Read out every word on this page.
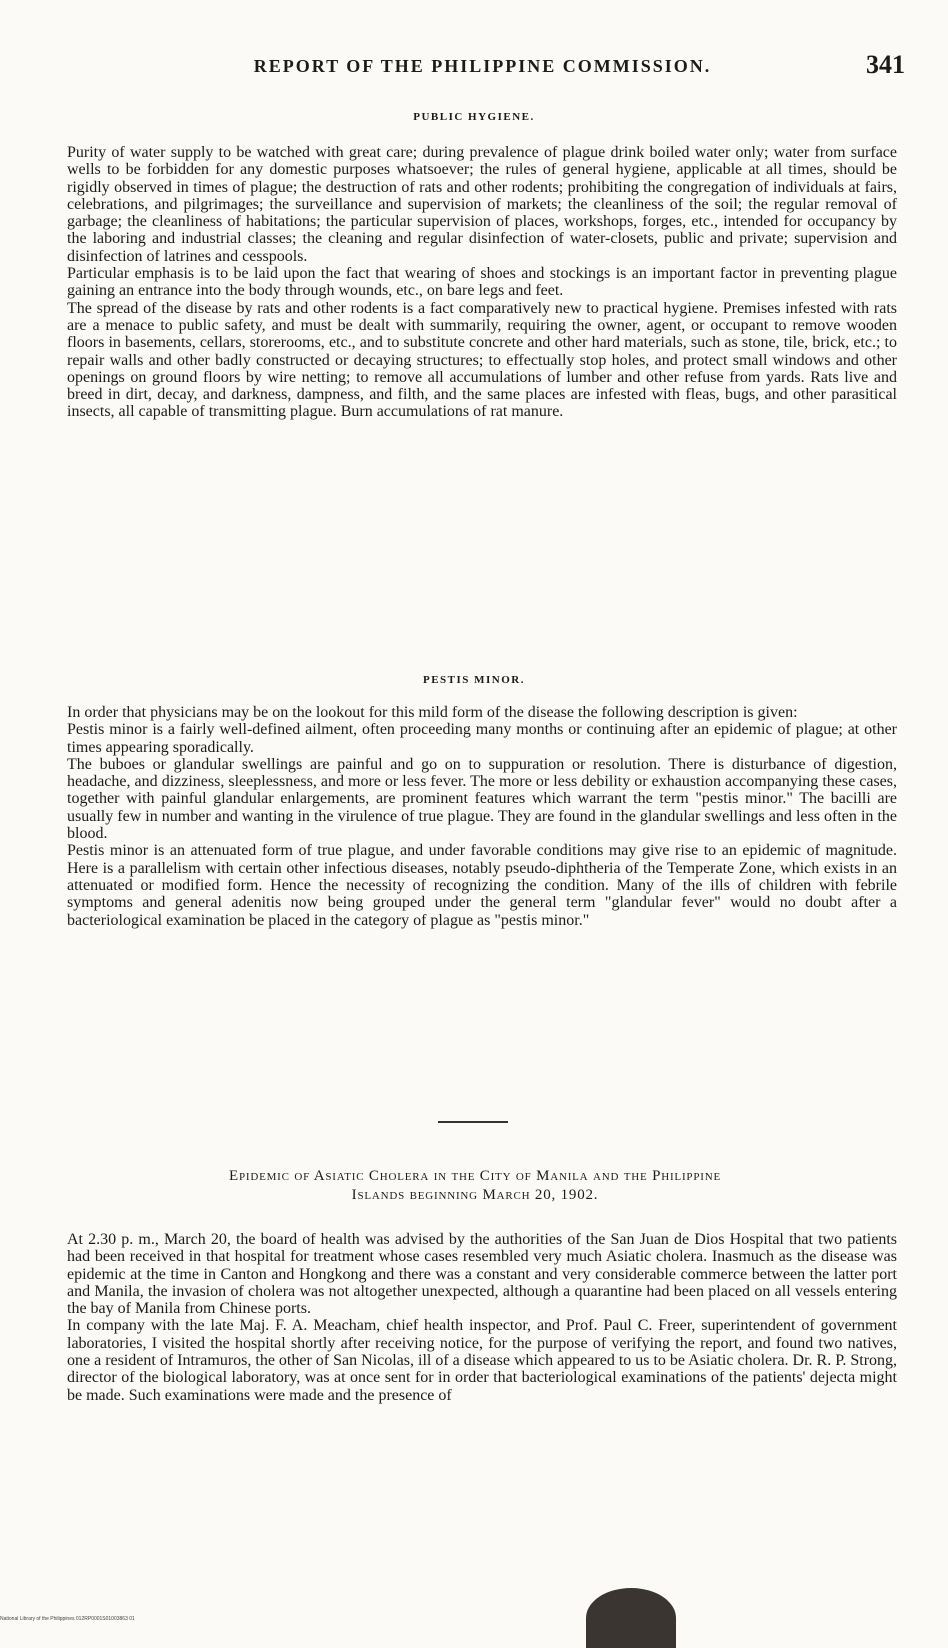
REPORT OF THE PHILIPPINE COMMISSION.	341
PUBLIC HYGIENE.

Purity of water supply to be watched with great care; during prevalence of plague drink boiled water only; water from surface wells to be forbidden for any domestic purposes whatsoever; the rules of general hygiene, applicable at all times, should be rigidly observed in times of plague; the destruction of rats and other rodents; prohibiting the congregation of individuals at fairs, celebrations, and pilgrimages; the surveillance and supervision of markets; the cleanliness of the soil; the regular removal of garbage; the cleanliness of habitations; the particular supervision of places, workshops, forges, etc., intended for occupancy by the laboring and industrial classes; the cleaning and regular disinfection of water-closets, public and private; supervision and disinfection of latrines and cesspools.

Particular emphasis is to be laid upon the fact that wearing of shoes and stockings is an important factor in preventing plague gaining an entrance into the body through wounds, etc., on bare legs and feet.

The spread of the disease by rats and other rodents is a fact comparatively new to practical hygiene. Premises infested with rats are a menace to public safety, and must be dealt with summarily, requiring the owner, agent, or occupant to remove wooden floors in basements, cellars, storerooms, etc., and to substitute concrete and other hard materials, such as stone, tile, brick, etc.; to repair walls and other badly constructed or decaying structures; to effectually stop holes, and protect small windows and other openings on ground floors by wire netting; to remove all accumulations of lumber and other refuse from yards. Rats live and breed in dirt, decay, and darkness, dampness, and filth, and the same places are infested with fleas, bugs, and other parasitical insects, all capable of transmitting plague. Burn accumulations of rat manure.

PESTIS MINOR.

In order that physicians may be on the lookout for this mild form of the disease the following description is given:

Pestis minor is a fairly well-defined ailment, often proceeding many months or continuing after an epidemic of plague; at other times appearing sporadically.

The buboes or glandular swellings are painful and go on to suppuration or resolution. There is disturbance of digestion, headache, and dizziness, sleeplessness, and more or less fever. The more or less debility or exhaustion accompanying these cases, together with painful glandular enlargements, are prominent features which warrant the term "pestis minor." The bacilli are usually few in number and wanting in the virulence of true plague. They are found in the glandular swellings and less often in the blood.

Pestis minor is an attenuated form of true plague, and under favorable conditions may give rise to an epidemic of magnitude. Here is a parallelism with certain other infectious diseases, notably pseudo-diphtheria of the Temperate Zone, which exists in an attenuated or modified form. Hence the necessity of recognizing the condition. Many of the ills of children with febrile symptoms and general adenitis now being grouped under the general term "glandular fever" would no doubt after a bacteriological examination be placed in the category of plague as "pestis minor."

Epidemic of Asiatic Cholera in the City of Manila and the Philippine
Islands beginning March 20, 1902.

At 2.30 p. m., March 20, the board of health was advised by the authorities of the San Juan de Dios Hospital that two patients had been received in that hospital for treatment whose cases resembled very much Asiatic cholera. Inasmuch as the disease was epidemic at the time in Canton and Hongkong and there was a constant and very considerable commerce between the latter port and Manila, the invasion of cholera was not altogether unexpected, although a quarantine had been placed on all vessels entering the bay of Manila from Chinese ports.

In company with the late Maj. F. A. Meacham, chief health inspector, and Prof. Paul C. Freer, superintendent of government laboratories, I visited the hospital shortly after receiving notice, for the purpose of verifying the report, and found two natives, one a resident of Intramuros, the other of San Nicolas, ill of a disease which appeared to us to be Asiatic cholera. Dr. R. P. Strong, director of the biological laboratory, was at once sent for in order that bacteriological examinations of the patients' dejecta might be made. Such examinations were made and the presence of

National Library of the Philippines 012RP0001S01003863 01
